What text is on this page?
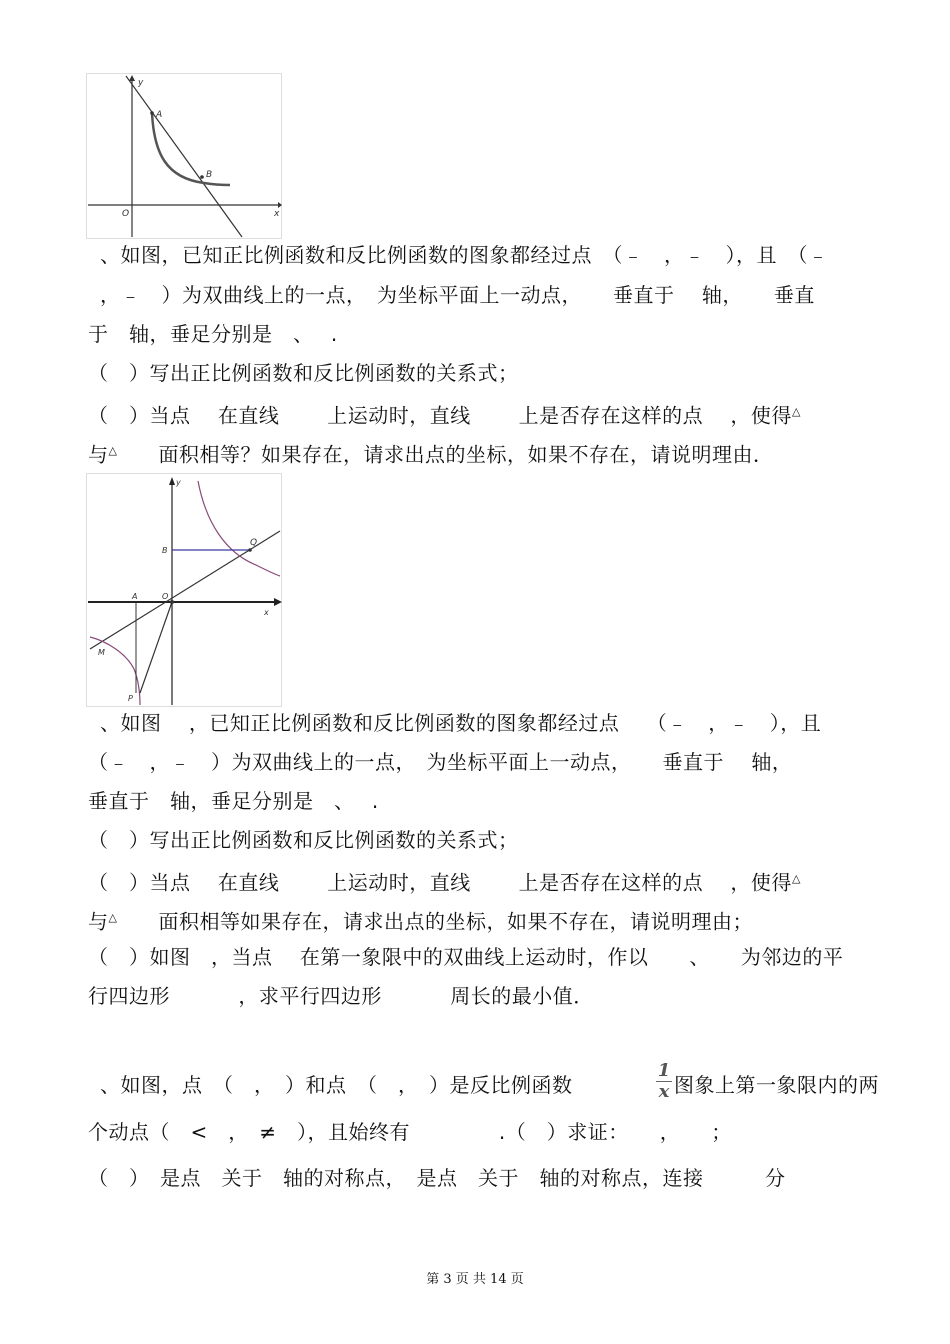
y
A
B
O	x
、如图，已知正比例函数和反比例函数的图象都经过点　（﹣　，﹣　），且　（﹣
，﹣　）为双曲线上的一点，　为坐标平面上一动点，　　垂直于　 轴，　　垂直
于　轴，垂足分别是　、　 .
（　）写出正比例函数和反比例函数的关系式；
（　）当点　 在直线　　 上运动时，直线　　 上是否存在这样的点　 ，使得△
与△　　面积相等？如果存在，请求出点的坐标，如果不存在，请说明理由．
y
B
Q
A	O
x
M
P
、如图　 ，已知正比例函数和反比例函数的图象都经过点　 （﹣　，﹣　），且
（﹣　，﹣　）为双曲线上的一点，　为坐标平面上一动点，　　垂直于　 轴，
垂直于　轴，垂足分别是　、　 .
（　）写出正比例函数和反比例函数的关系式；
（　）当点　 在直线　　 上运动时，直线　　 上是否存在这样的点　 ，使得△
与△　　面积相等如果存在，请求出点的坐标，如果不存在，请说明理由；
（　）如图　，当点　 在第一象限中的双曲线上运动时，作以　　、　　为邻边的平
行四边形　　　 ，求平行四边形　　　 周长的最小值．
、如图，点　（　，　）和点　（　，　）是反比例函数
1
x 图象上第一象限内的两
个动点（　<　，　≠　），且始终有　　　　 .（　）求证：　　，　　；
（　）　是点　关于　轴的对称点，　是点　关于　轴的对称点，连接　　　分
第 3 页 共 14 页
